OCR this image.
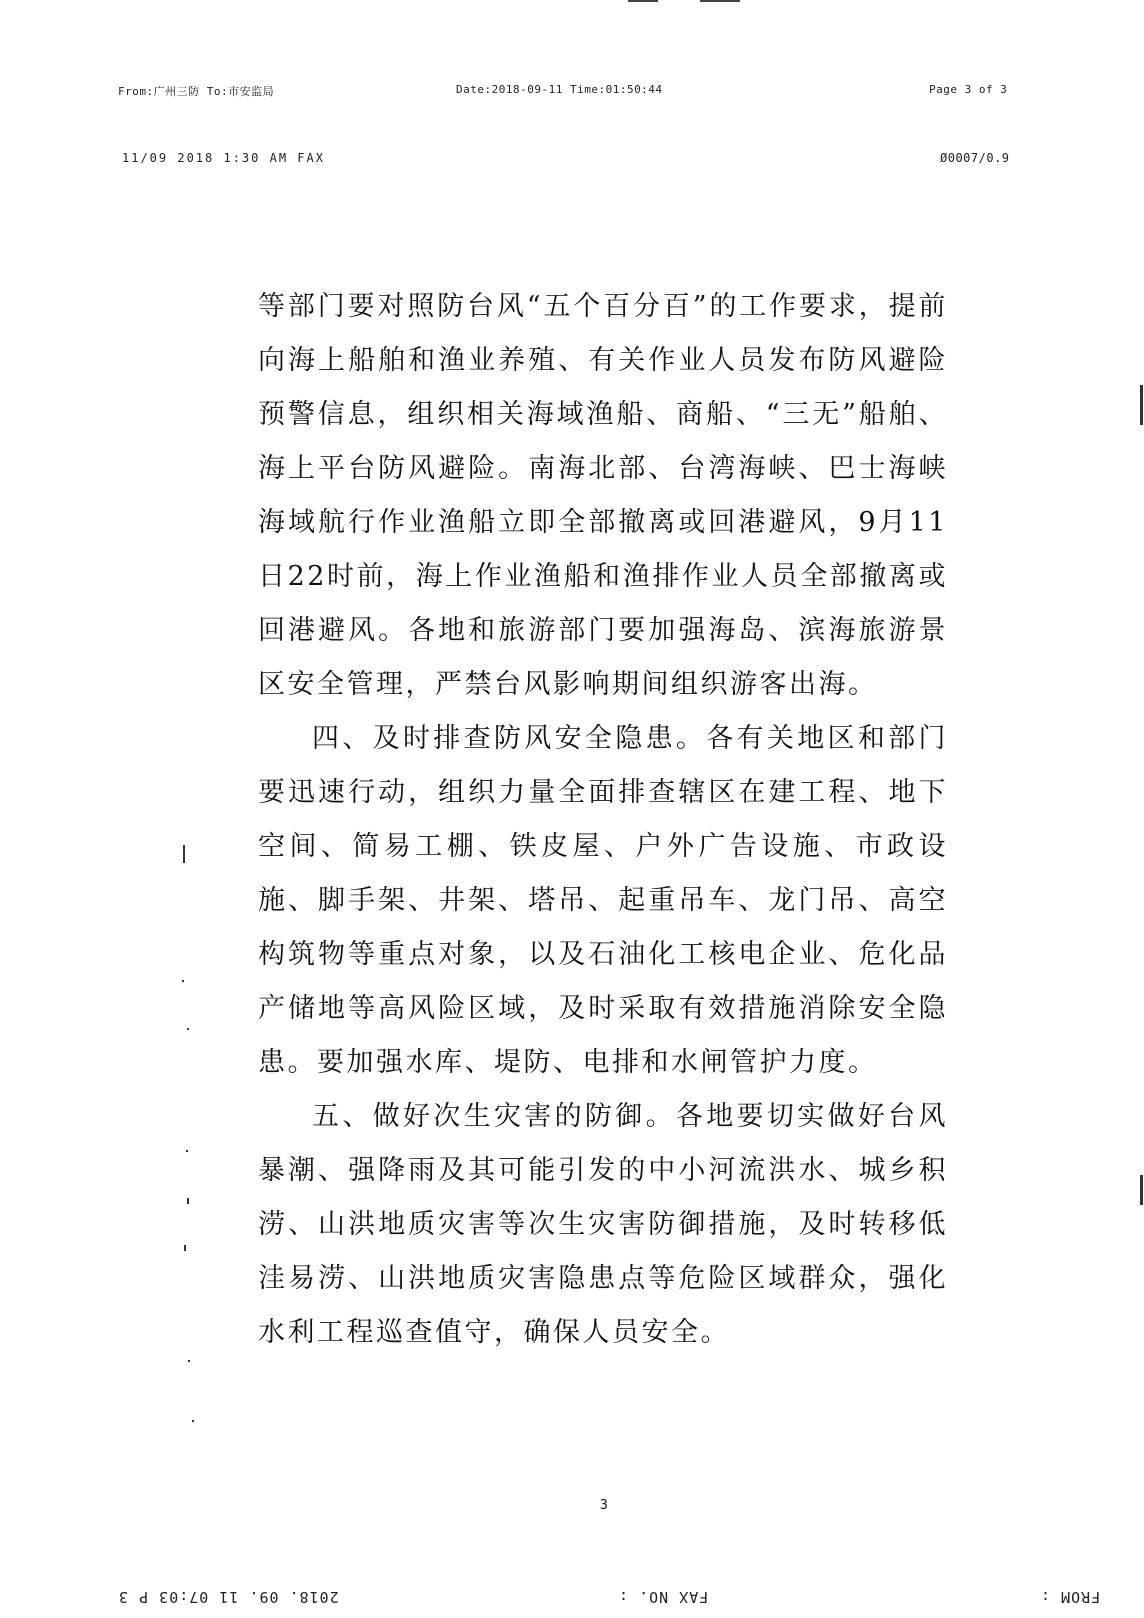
From:广州三防 To:市安监局	Date:2018-09-11 Time:01:50:44	Page 3 of 3
11/09 2018 1:30 AM FAX	Ø0007/0.9

等部门要对照防台风“五个百分百”的工作要求，提前向海上船舶和渔业养殖、有关作业人员发布防风避险预警信息，组织相关海域渔船、商船、“三无”船舶、海上平台防风避险。南海北部、台湾海峡、巴士海峡海域航行作业渔船立即全部撤离或回港避风，9月11日22时前，海上作业渔船和渔排作业人员全部撤离或回港避风。各地和旅游部门要加强海岛、滨海旅游景区安全管理，严禁台风影响期间组织游客出海。

四、及时排查防风安全隐患。各有关地区和部门要迅速行动，组织力量全面排查辖区在建工程、地下空间、简易工棚、铁皮屋、户外广告设施、市政设施、脚手架、井架、塔吊、起重吊车、龙门吊、高空构筑物等重点对象，以及石油化工核电企业、危化品产储地等高风险区域，及时采取有效措施消除安全隐患。要加强水库、堤防、电排和水闸管护力度。

五、做好次生灾害的防御。各地要切实做好台风暴潮、强降雨及其可能引发的中小河流洪水、城乡积涝、山洪地质灾害等次生灾害防御措施，及时转移低洼易涝、山洪地质灾害隐患点等危险区域群众，强化水利工程巡查值守，确保人员安全。

3
2018. 09. 11 07:03 P 3	FAX NO. :	FROM :
